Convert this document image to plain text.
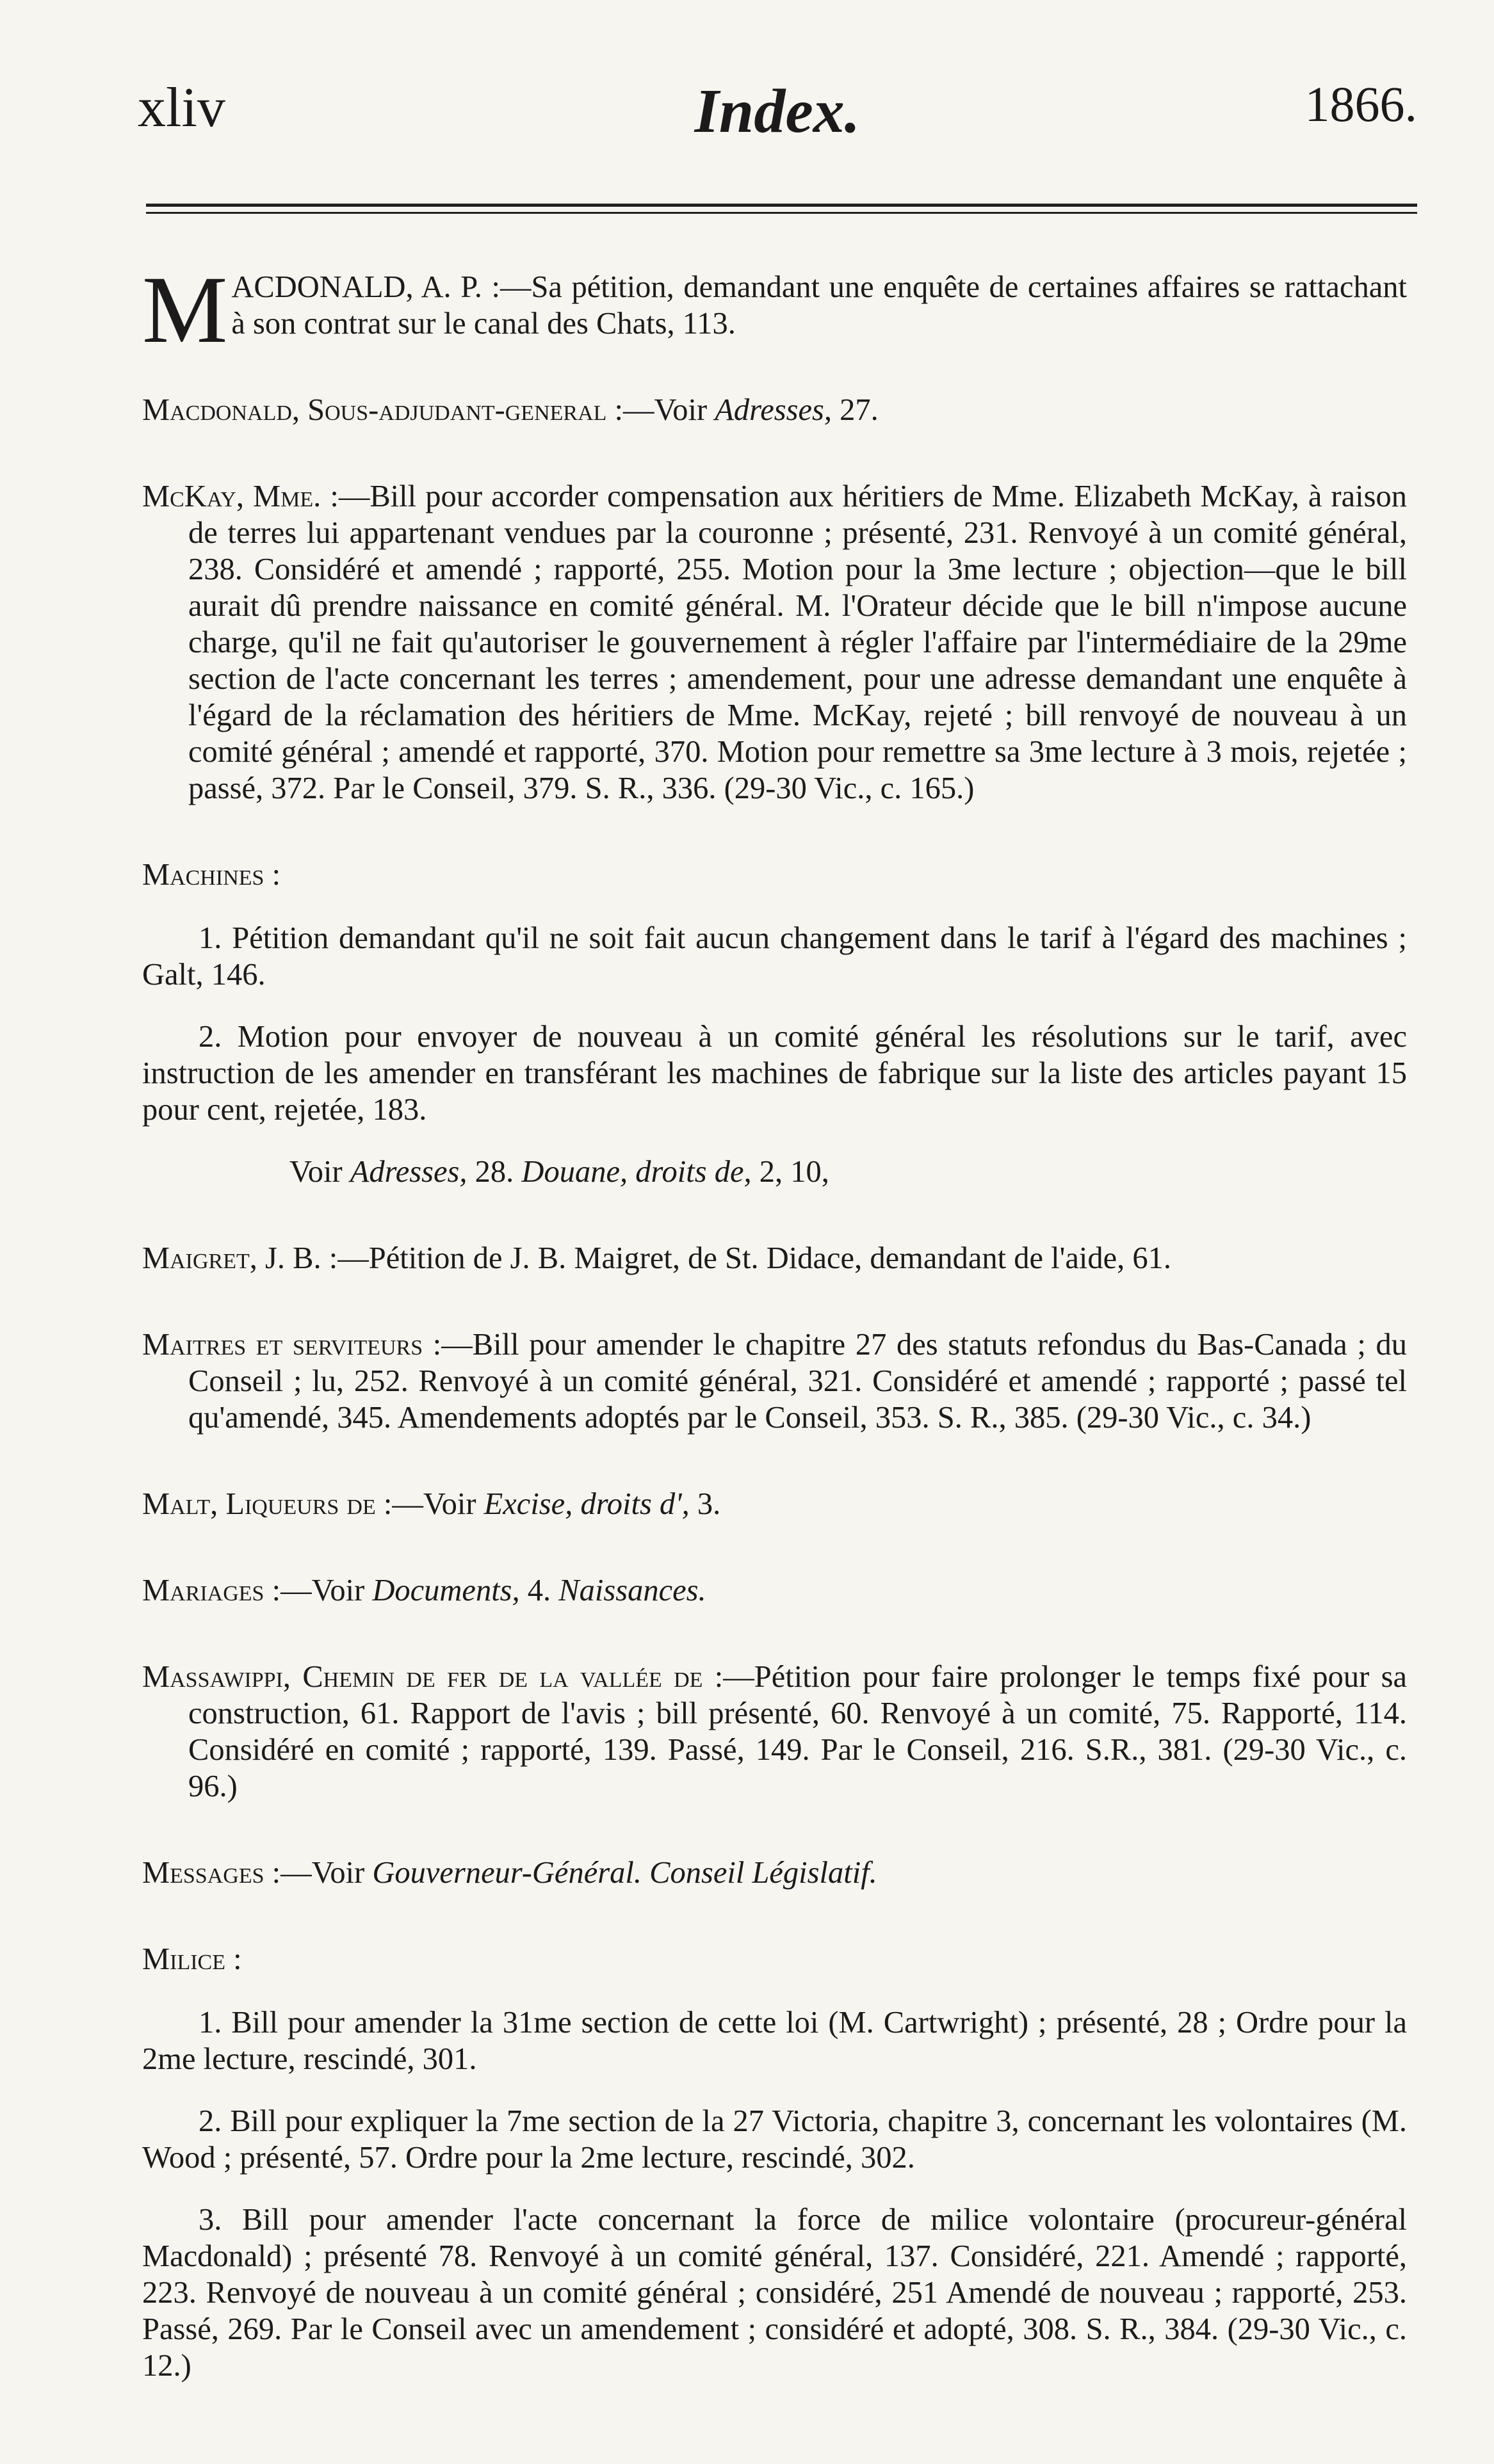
xliv	Index.	1866.

MACDONALD, A. P. :—Sa pétition, demandant une enquête de certaines affaires se rattachant à son contrat sur le canal des Chats, 113.

Macdonald, Sous-adjudant-general :—Voir Adresses, 27.

McKay, Mme. :—Bill pour accorder compensation aux héritiers de Mme. Elizabeth McKay, à raison de terres lui appartenant vendues par la couronne ; présenté, 231. Renvoyé à un comité général, 238. Considéré et amendé ; rapporté, 255. Motion pour la 3me lecture ; objection—que le bill aurait dû prendre naissance en comité général. M. l'Orateur décide que le bill n'impose aucune charge, qu'il ne fait qu'autoriser le gouvernement à régler l'affaire par l'intermédiaire de la 29me section de l'acte concernant les terres ; amendement, pour une adresse demandant une enquête à l'égard de la réclamation des héritiers de Mme. McKay, rejeté ; bill renvoyé de nouveau à un comité général ; amendé et rapporté, 370. Motion pour remettre sa 3me lecture à 3 mois, rejetée ; passé, 372. Par le Conseil, 379. S. R., 336. (29-30 Vic., c. 165.)

Machines :

1. Pétition demandant qu'il ne soit fait aucun changement dans le tarif à l'égard des machines ; Galt, 146.

2. Motion pour envoyer de nouveau à un comité général les résolutions sur le tarif, avec instruction de les amender en transférant les machines de fabrique sur la liste des articles payant 15 pour cent, rejetée, 183.

Voir Adresses, 28. Douane, droits de, 2, 10,

Maigret, J. B. :—Pétition de J. B. Maigret, de St. Didace, demandant de l'aide, 61.

Maitres et serviteurs :—Bill pour amender le chapitre 27 des statuts refondus du Bas-Canada ; du Conseil ; lu, 252. Renvoyé à un comité général, 321. Considéré et amendé ; rapporté ; passé tel qu'amendé, 345. Amendements adoptés par le Conseil, 353. S. R., 385. (29-30 Vic., c. 34.)

Malt, Liqueurs de :—Voir Excise, droits d', 3.

Mariages :—Voir Documents, 4. Naissances.

Massawippi, Chemin de fer de la vallée de :—Pétition pour faire prolonger le temps fixé pour sa construction, 61. Rapport de l'avis ; bill présenté, 60. Renvoyé à un comité, 75. Rapporté, 114. Considéré en comité ; rapporté, 139. Passé, 149. Par le Conseil, 216. S.R., 381. (29-30 Vic., c. 96.)

Messages :—Voir Gouverneur-Général. Conseil Législatif.

Milice :

1. Bill pour amender la 31me section de cette loi (M. Cartwright) ; présenté, 28 ; Ordre pour la 2me lecture, rescindé, 301.

2. Bill pour expliquer la 7me section de la 27 Victoria, chapitre 3, concernant les volontaires (M. Wood ; présenté, 57. Ordre pour la 2me lecture, rescindé, 302.

3. Bill pour amender l'acte concernant la force de milice volontaire (procureur-général Macdonald) ; présenté 78. Renvoyé à un comité général, 137. Considéré, 221. Amendé ; rapporté, 223. Renvoyé de nouveau à un comité général ; considéré, 251 Amendé de nouveau ; rapporté, 253. Passé, 269. Par le Conseil avec un amendement ; considéré et adopté, 308. S. R., 384. (29-30 Vic., c. 12.)
